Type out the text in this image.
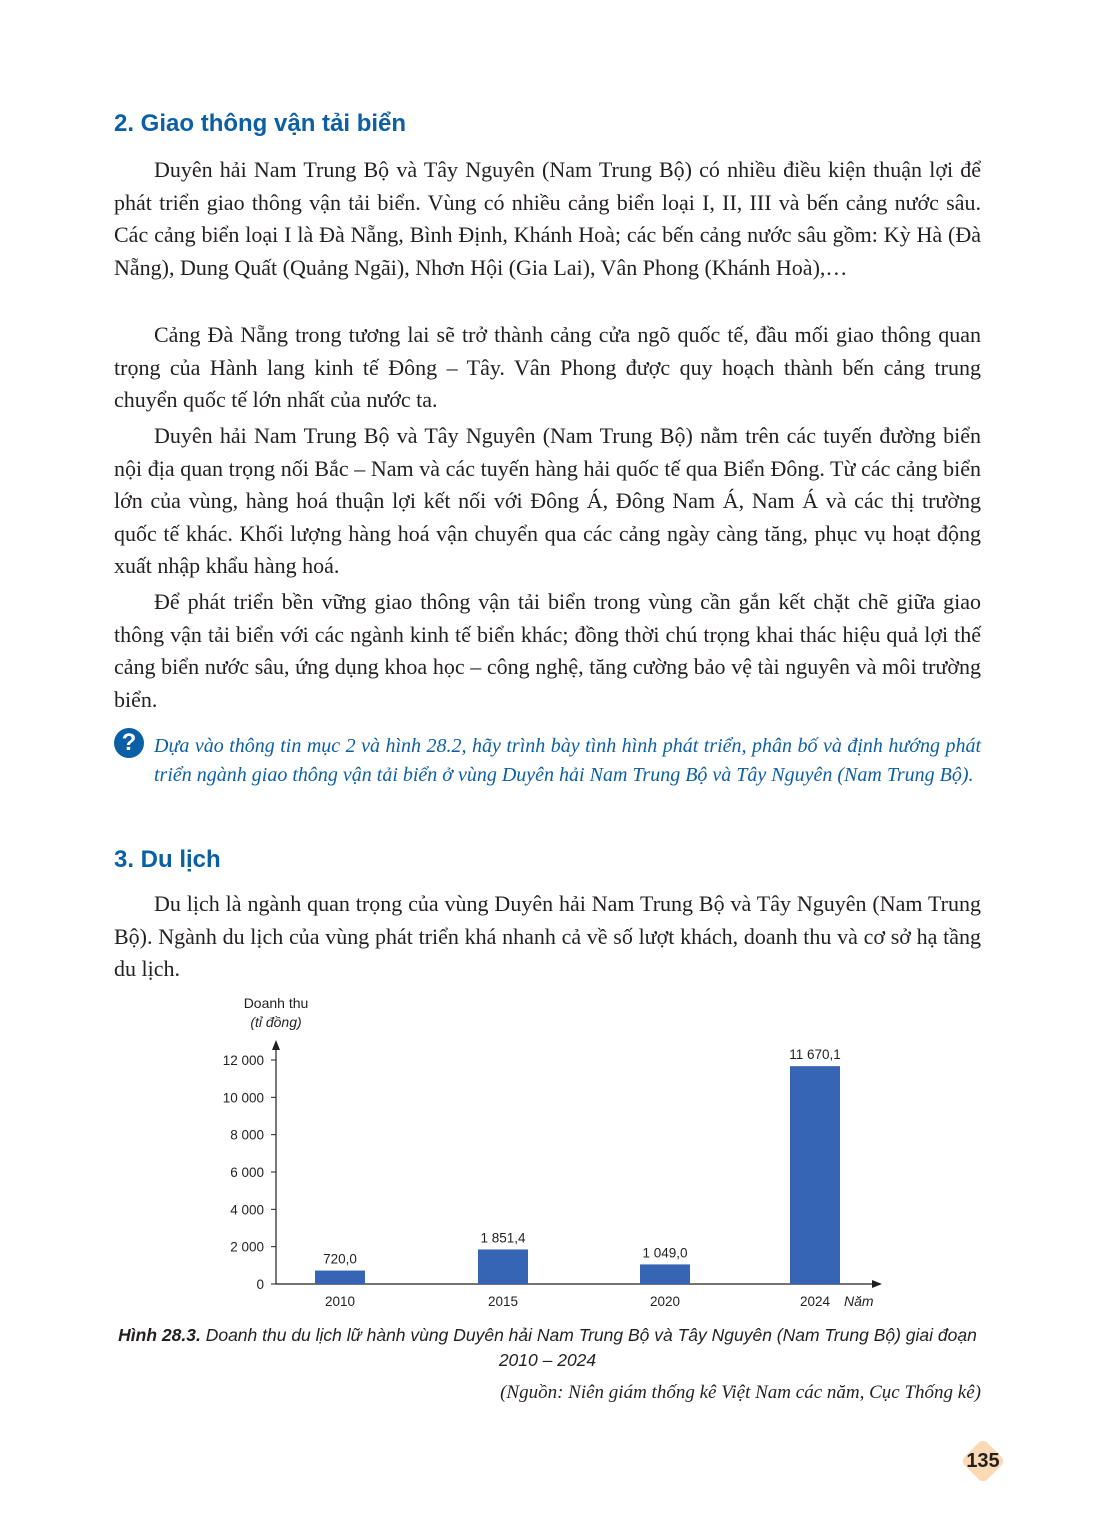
2. Giao thông vận tải biển

Duyên hải Nam Trung Bộ và Tây Nguyên (Nam Trung Bộ) có nhiều điều kiện thuận lợi để phát triển giao thông vận tải biển. Vùng có nhiều cảng biển loại I, II, III và bến cảng nước sâu. Các cảng biển loại I là Đà Nẵng, Bình Định, Khánh Hoà; các bến cảng nước sâu gồm: Kỳ Hà (Đà Nẵng), Dung Quất (Quảng Ngãi), Nhơn Hội (Gia Lai), Vân Phong (Khánh Hoà),…

Cảng Đà Nẵng trong tương lai sẽ trở thành cảng cửa ngõ quốc tế, đầu mối giao thông quan trọng của Hành lang kinh tế Đông – Tây. Vân Phong được quy hoạch thành bến cảng trung chuyển quốc tế lớn nhất của nước ta.

Duyên hải Nam Trung Bộ và Tây Nguyên (Nam Trung Bộ) nằm trên các tuyến đường biển nội địa quan trọng nối Bắc – Nam và các tuyến hàng hải quốc tế qua Biển Đông. Từ các cảng biển lớn của vùng, hàng hoá thuận lợi kết nối với Đông Á, Đông Nam Á, Nam Á và các thị trường quốc tế khác. Khối lượng hàng hoá vận chuyển qua các cảng ngày càng tăng, phục vụ hoạt động xuất nhập khẩu hàng hoá.

Để phát triển bền vững giao thông vận tải biển trong vùng cần gắn kết chặt chẽ giữa giao thông vận tải biển với các ngành kinh tế biển khác; đồng thời chú trọng khai thác hiệu quả lợi thế cảng biển nước sâu, ứng dụng khoa học – công nghệ, tăng cường bảo vệ tài nguyên và môi trường biển.

? Dựa vào thông tin mục 2 và hình 28.2, hãy trình bày tình hình phát triển, phân bố và định hướng phát triển ngành giao thông vận tải biển ở vùng Duyên hải Nam Trung Bộ và Tây Nguyên (Nam Trung Bộ).

3. Du lịch

Du lịch là ngành quan trọng của vùng Duyên hải Nam Trung Bộ và Tây Nguyên (Nam Trung Bộ). Ngành du lịch của vùng phát triển khá nhanh cả về số lượt khách, doanh thu và cơ sở hạ tầng du lịch.

Doanh thu
(tỉ đồng)
0
2 000
4 000
6 000
8 000
10 000
12 000
720,0
1 851,4
1 049,0
11 670,1
2010	2015	2020	2024 Năm

Hình 28.3. Doanh thu du lịch lữ hành vùng Duyên hải Nam Trung Bộ và Tây Nguyên (Nam Trung Bộ) giai đoạn 2010 – 2024

(Nguồn: Niên giám thống kê Việt Nam các năm, Cục Thống kê)

135
